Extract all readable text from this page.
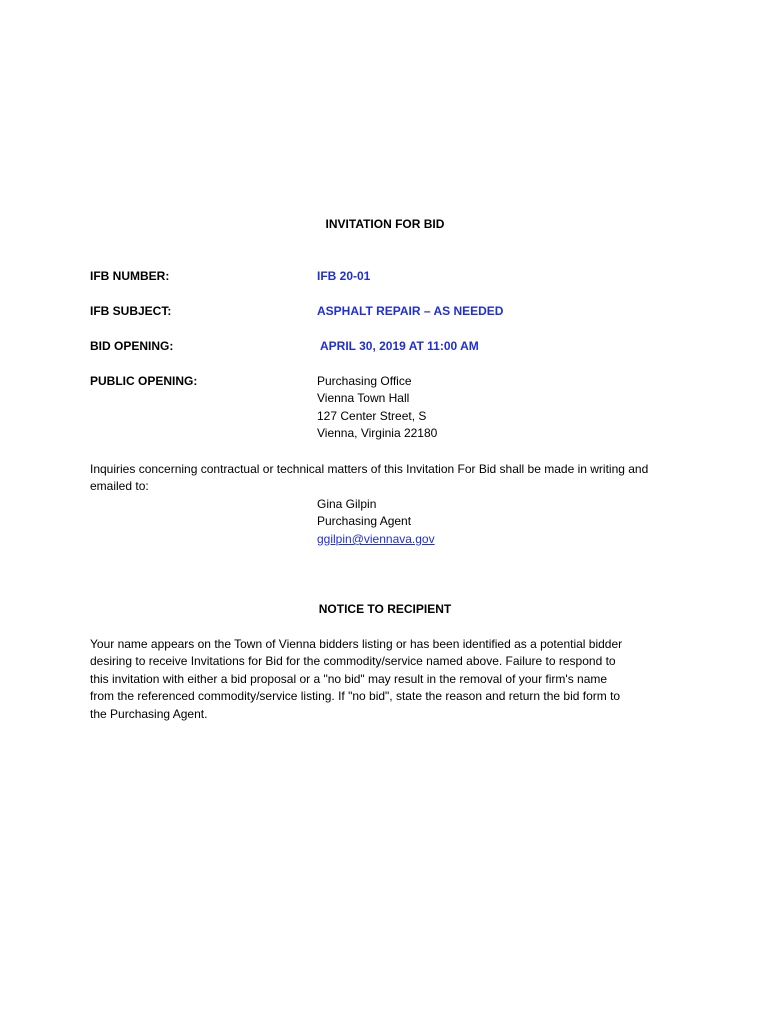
INVITATION FOR BID
IFB NUMBER:	IFB 20-01
IFB SUBJECT:	ASPHALT REPAIR – AS NEEDED
BID OPENING:	APRIL 30, 2019 AT 11:00 AM
PUBLIC OPENING:	Purchasing Office
Vienna Town Hall
127 Center Street, S
Vienna, Virginia 22180
Inquiries concerning contractual or technical matters of this Invitation For Bid shall be made in writing and
emailed to:
Gina Gilpin
Purchasing Agent
ggilpin@viennava.gov
NOTICE TO RECIPIENT
Your name appears on the Town of Vienna bidders listing or has been identified as a potential bidder
desiring to receive Invitations for Bid for the commodity/service named above. Failure to respond to
this invitation with either a bid proposal or a "no bid" may result in the removal of your firm's name
from the referenced commodity/service listing. If "no bid", state the reason and return the bid form to
the Purchasing Agent.
